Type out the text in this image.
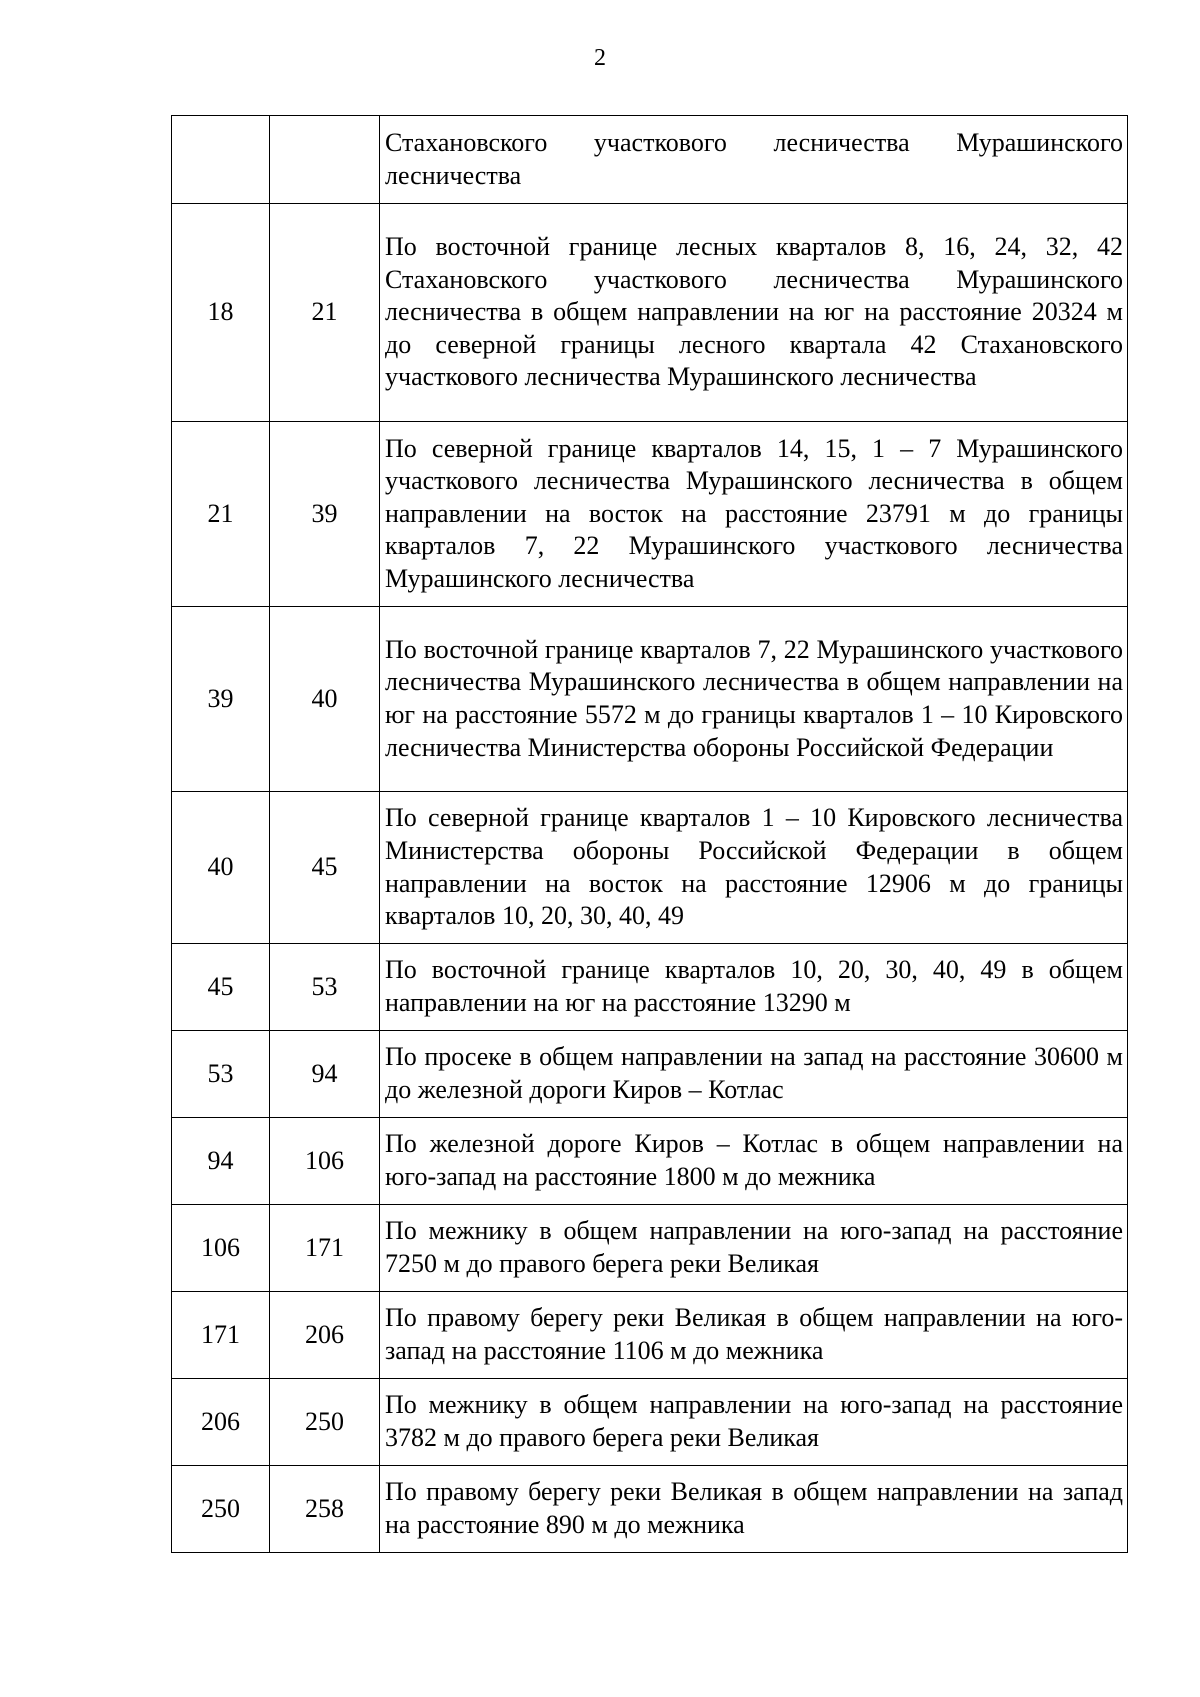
2
		Стахановского участкового лесничества Мурашинского лесничества
18	21	По восточной границе лесных кварталов 8, 16, 24, 32, 42 Стахановского участкового лесничества Мурашинского лесничества в общем направлении на юг на расстояние 20324 м до северной границы лесного квартала 42 Стахановского участкового лесничества Мурашинского лесничества
21	39	По северной границе кварталов 14, 15, 1 – 7 Мурашинского участкового лесничества Мурашинского лесничества в общем направлении на восток на расстояние 23791 м до границы кварталов 7, 22 Мурашинского участкового лесничества Мурашинского лесничества
39	40	По восточной границе кварталов 7, 22 Мурашинского участкового лесничества Мурашинского лесничества в общем направлении на юг на расстояние 5572 м до границы кварталов 1 – 10 Кировского лесничества Министерства обороны Российской Федерации
40	45	По северной границе кварталов 1 – 10 Кировского лесничества Министерства обороны Российской Федерации в общем направлении на восток на расстояние 12906 м до границы кварталов 10, 20, 30, 40, 49
45	53	По восточной границе кварталов 10, 20, 30, 40, 49 в общем направлении на юг на расстояние 13290 м
53	94	По просеке в общем направлении на запад на расстояние 30600 м до железной дороги Киров – Котлас
94	106	По железной дороге Киров – Котлас в общем направлении на юго-запад на расстояние 1800 м до межника
106	171	По межнику в общем направлении на юго-запад на расстояние 7250 м до правого берега реки Великая
171	206	По правому берегу реки Великая в общем направлении на юго-запад на расстояние 1106 м до межника
206	250	По межнику в общем направлении на юго-запад на расстояние 3782 м до правого берега реки Великая
250	258	По правому берегу реки Великая в общем направлении на запад на расстояние 890 м до межника
